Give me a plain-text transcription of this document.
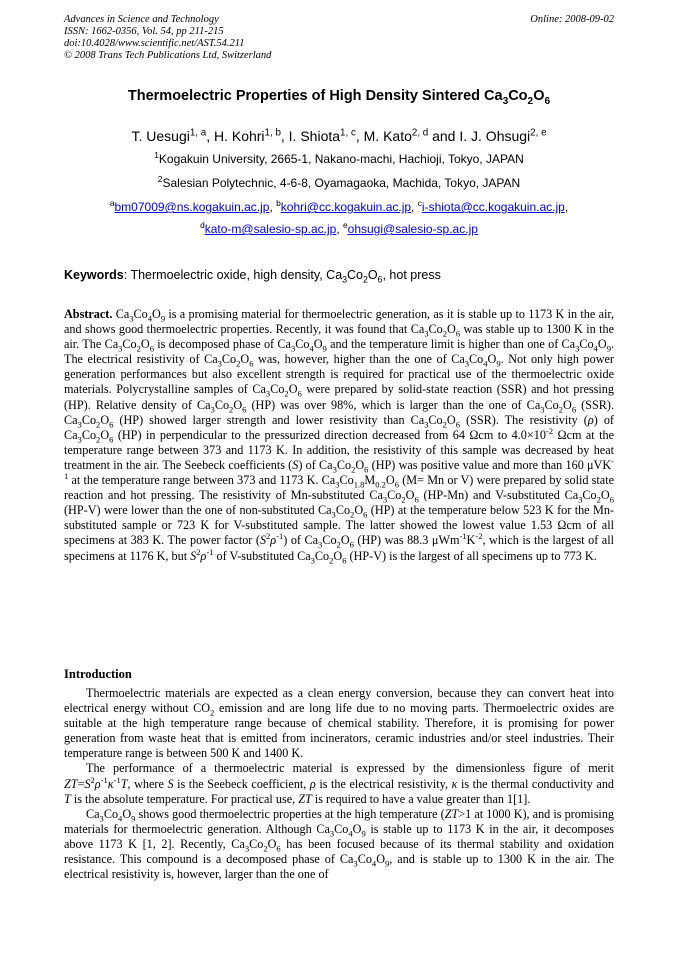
Advances in Science and Technology
ISSN: 1662-0356, Vol. 54, pp 211-215
doi:10.4028/www.scientific.net/AST.54.211
© 2008 Trans Tech Publications Ltd, Switzerland
Online: 2008-09-02
Thermoelectric Properties of High Density Sintered $Ca_3Co_2O_6$
T. Uesugi$^{1, a}$, H. Kohri$^{1, b}$, I. Shiota$^{1, c}$, M. Kato$^{2, d}$ and I. J. Ohsugi$^{2, e}$
$^1$Kogakuin University, 2665-1, Nakano-machi, Hachioji, Tokyo, JAPAN
$^2$Salesian Polytechnic, 4-6-8, Oyamagaoka, Machida, Tokyo, JAPAN
$^a$bm07009@ns.kogakuin.ac.jp, $^b$kohri@cc.kogakuin.ac.jp, $^c$i-shiota@cc.kogakuin.ac.jp,
$^d$kato-m@salesio-sp.ac.jp, $^e$ohsugi@salesio-sp.ac.jp
Keywords: Thermoelectric oxide, high density, $Ca_3Co_2O_6$, hot press
Abstract. $Ca_3Co_4O_9$ is a promising material for thermoelectric generation, as it is stable up to 1173 K in the air, and shows good thermoelectric properties. Recently, it was found that $Ca_3Co_2O_6$ was stable up to 1300 K in the air. The $Ca_3Co_2O_6$ is decomposed phase of $Ca_3Co_4O_9$ and the temperature limit is higher than one of $Ca_3Co_4O_9$. The electrical resistivity of $Ca_3Co_2O_6$ was, however, higher than the one of $Ca_3Co_4O_9$. Not only high power generation performances but also excellent strength is required for practical use of the thermoelectric oxide materials. Polycrystalline samples of $Ca_3Co_2O_6$ were prepared by solid-state reaction (SSR) and hot pressing (HP). Relative density of $Ca_3Co_2O_6$ (HP) was over 98%, which is larger than the one of $Ca_3Co_2O_6$ (SSR). $Ca_3Co_2O_6$ (HP) showed larger strength and lower resistivity than $Ca_3Co_2O_6$ (SSR). The resistivity (ρ) of $Ca_3Co_2O_6$ (HP) in perpendicular to the pressurized direction decreased from 64 Ωcm to $4.0\times 10^{-2}$ Ωcm at the temperature range between 373 and 1173 K. In addition, the resistivity of this sample was decreased by heat treatment in the air. The Seebeck coefficients (S) of $Ca_3Co_2O_6$ (HP) was positive value and more than 160 μVK$^{-1}$ at the temperature range between 373 and 1173 K. $Ca_3Co_{1.8}M_{0.2}O_6$ (M= Mn or V) were prepared by solid state reaction and hot pressing. The resistivity of Mn-substituted $Ca_3Co_2O_6$ (HP-Mn) and V-substituted $Ca_3Co_2O_6$ (HP-V) were lower than the one of non-substituted $Ca_3Co_2O_6$ (HP) at the temperature below 523 K for the Mn-substituted sample or 723 K for V-substituted sample. The latter showed the lowest value 1.53 Ωcm of all specimens at 383 K. The power factor $(S^2\rho^{-1})$ of $Ca_3Co_2O_6$ (HP) was 88.3 $\mu Wm^{-1}K^{-2}$, which is the largest of all specimens at 1176 K, but $S^2\rho^{-1}$ of V-substituted $Ca_3Co_2O_6$ (HP-V) is the largest of all specimens up to 773 K.
Introduction

Thermoelectric materials are expected as a clean energy conversion, because they can convert heat into electrical energy without $CO_2$ emission and are long life due to no moving parts. Thermoelectric oxides are suitable at the high temperature range because of chemical stability. Therefore, it is promising for power generation from waste heat that is emitted from incinerators, ceramic industries and/or steel industries. Their temperature range is between 500 K and 1400 K.

The performance of a thermoelectric material is expressed by the dimensionless figure of merit $ZT=S^2\rho^{-1}\kappa^{-1}T$, where S is the Seebeck coefficient, ρ is the electrical resistivity, κ is the thermal conductivity and T is the absolute temperature. For practical use, ZT is required to have a value greater than 1[1].

$Ca_3Co_4O_9$ shows good thermoelectric properties at the high temperature (ZT>1 at 1000 K), and is promising materials for thermoelectric generation. Although $Ca_3Co_4O_9$ is stable up to 1173 K in the air, it decomposes above 1173 K [1, 2]. Recently, $Ca_3Co_2O_6$ has been focused because of its thermal stability and oxidation resistance. This compound is a decomposed phase of $Ca_3Co_4O_9$, and is stable up to 1300 K in the air. The electrical resistivity is, however, larger than the one of
